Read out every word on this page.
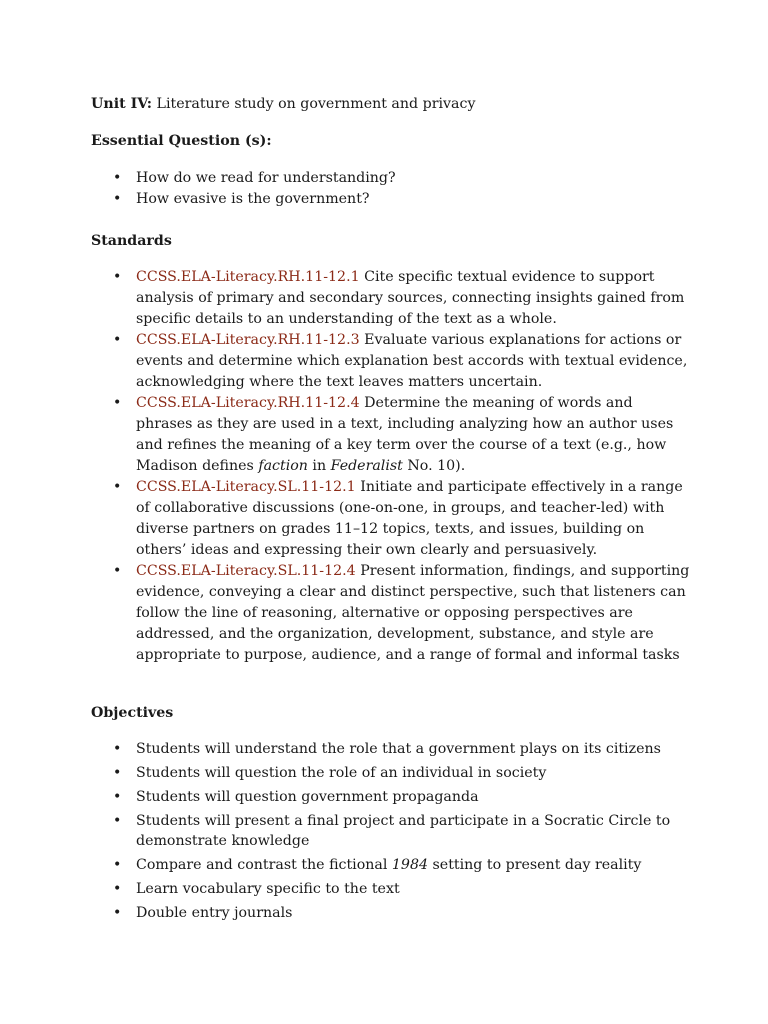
Unit IV: Literature study on government and privacy
Essential Question (s):
• How do we read for understanding?
• How evasive is the government?
Standards
• CCSS.ELA-Literacy.RH.11-12.1 Cite specific textual evidence to support analysis of primary and secondary sources, connecting insights gained from specific details to an understanding of the text as a whole.
• CCSS.ELA-Literacy.RH.11-12.3 Evaluate various explanations for actions or events and determine which explanation best accords with textual evidence, acknowledging where the text leaves matters uncertain.
• CCSS.ELA-Literacy.RH.11-12.4 Determine the meaning of words and phrases as they are used in a text, including analyzing how an author uses and refines the meaning of a key term over the course of a text (e.g., how Madison defines faction in Federalist No. 10).
• CCSS.ELA-Literacy.SL.11-12.1 Initiate and participate effectively in a range of collaborative discussions (one-on-one, in groups, and teacher-led) with diverse partners on grades 11–12 topics, texts, and issues, building on others’ ideas and expressing their own clearly and persuasively.
• CCSS.ELA-Literacy.SL.11-12.4 Present information, findings, and supporting evidence, conveying a clear and distinct perspective, such that listeners can follow the line of reasoning, alternative or opposing perspectives are addressed, and the organization, development, substance, and style are appropriate to purpose, audience, and a range of formal and informal tasks
Objectives
• Students will understand the role that a government plays on its citizens
• Students will question the role of an individual in society
• Students will question government propaganda
• Students will present a final project and participate in a Socratic Circle to demonstrate knowledge
• Compare and contrast the fictional 1984 setting to present day reality
• Learn vocabulary specific to the text
• Double entry journals
